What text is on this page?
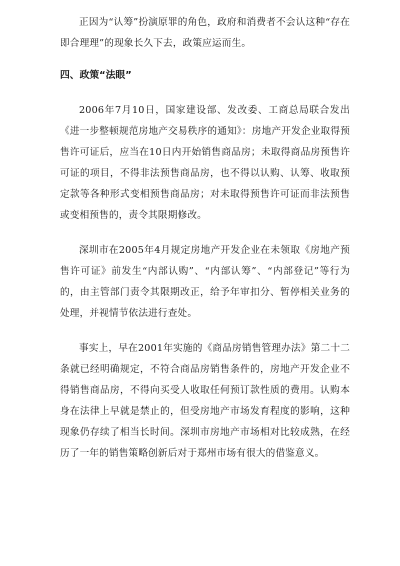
正因为“认筹”扮演原罪的角色，政府和消费者不会认这种“存在即合理理”的现象长久下去，政策应运而生。

四、政策“法眼”

2006年7月10日，国家建设部、发改委、工商总局联合发出《进一步整顿规范房地产交易秩序的通知》：房地产开发企业取得预售许可证后，应当在10日内开始销售商品房；未取得商品房预售许可证的项目，不得非法预售商品房，也不得以认购、认筹、收取预定款等各种形式变相预售商品房；对未取得预售许可证而非法预售或变相预售的，责令其限期修改。

深圳市在2005年4月规定房地产开发企业在未领取《房地产预售许可证》前发生“内部认购”、“内部认筹”、“内部登记”等行为的，由主管部门责令其限期改正，给予年审扣分、暂停相关业务的处理，并视情节依法进行查处。

事实上，早在2001年实施的《商品房销售管理办法》第二十二条就已经明确规定，不符合商品房销售条件的，房地产开发企业不得销售商品房，不得向买受人收取任何预订款性质的费用。认购本身在法律上早就是禁止的，但受房地产市场发育程度的影响，这种现象仍存续了相当长时间。深圳市房地产市场相对比较成熟，在经历了一年的销售策略创新后对于郑州市场有很大的借鉴意义。
